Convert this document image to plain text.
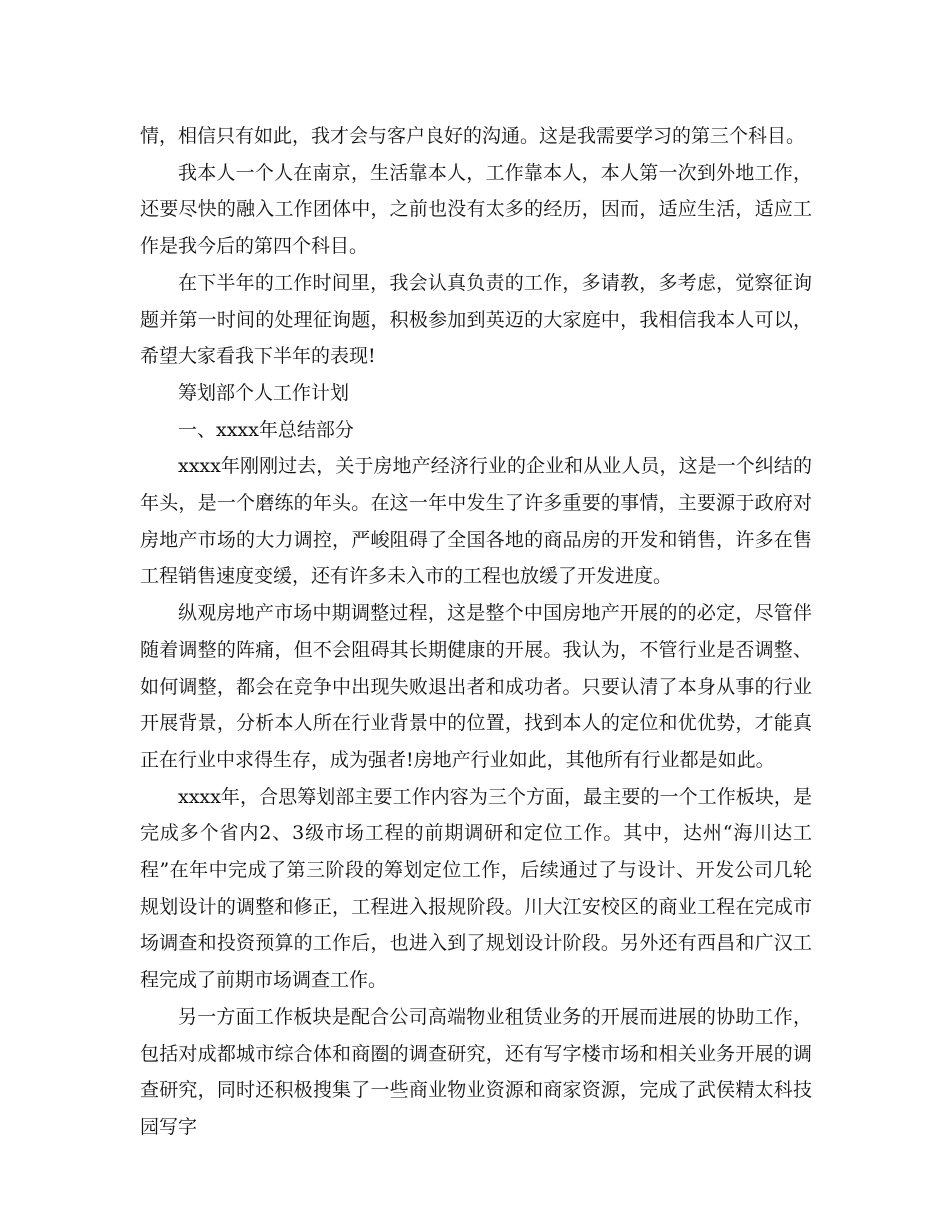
情，相信只有如此，我才会与客户良好的沟通。这是我需要学习的第三个科目。

我本人一个人在南京，生活靠本人，工作靠本人，本人第一次到外地工作，还要尽快的融入工作团体中，之前也没有太多的经历，因而，适应生活，适应工作是我今后的第四个科目。

在下半年的工作时间里，我会认真负责的工作，多请教，多考虑，觉察征询题并第一时间的处理征询题，积极参加到英迈的大家庭中，我相信我本人可以，希望大家看我下半年的表现!

筹划部个人工作计划

一、xxxx年总结部分

xxxx年刚刚过去，关于房地产经济行业的企业和从业人员，这是一个纠结的年头，是一个磨练的年头。在这一年中发生了许多重要的事情，主要源于政府对房地产市场的大力调控，严峻阻碍了全国各地的商品房的开发和销售，许多在售工程销售速度变缓，还有许多未入市的工程也放缓了开发进度。

纵观房地产市场中期调整过程，这是整个中国房地产开展的的必定，尽管伴随着调整的阵痛，但不会阻碍其长期健康的开展。我认为，不管行业是否调整、如何调整，都会在竞争中出现失败退出者和成功者。只要认清了本身从事的行业开展背景，分析本人所在行业背景中的位置，找到本人的定位和优优势，才能真正在行业中求得生存，成为强者!房地产行业如此，其他所有行业都是如此。

xxxx年，合思筹划部主要工作内容为三个方面，最主要的一个工作板块，是完成多个省内2、3级市场工程的前期调研和定位工作。其中，达州“海川达工程”在年中完成了第三阶段的筹划定位工作，后续通过了与设计、开发公司几轮规划设计的调整和修正，工程进入报规阶段。川大江安校区的商业工程在完成市场调查和投资预算的工作后，也进入到了规划设计阶段。另外还有西昌和广汉工程完成了前期市场调查工作。

另一方面工作板块是配合公司高端物业租赁业务的开展而进展的协助工作，包括对成都城市综合体和商圈的调查研究，还有写字楼市场和相关业务开展的调查研究，同时还积极搜集了一些商业物业资源和商家资源，完成了武侯精太科技园写字
